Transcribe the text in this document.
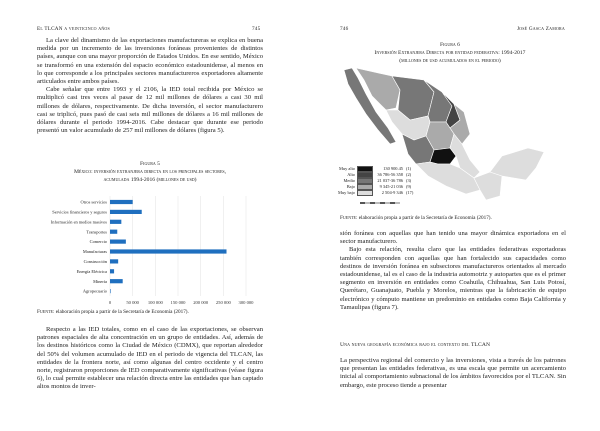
El TLCAN a veinticinco años	745

La clave del dinamismo de las exportaciones manufactureras se explica en buena medida por un incremento de las inversiones foráneas provenientes de distintos países, aunque con una mayor proporción de Estados Unidos. En ese sentido, México se transformó en una extensión del espacio económico estadounidense, al menos en lo que corresponde a los principales sectores manufactureros exportadores altamente articulados entre ambos países.

Cabe señalar que entre 1993 y el 2106, la IED total recibida por México se multiplicó casi tres veces al pasar de 12 mil millones de dólares a casi 30 mil millones de dólares, respectivamente. De dicha inversión, el sector manufacturero casi se triplicó, pues pasó de casi seis mil millones de dólares a 16 mil millones de dólares durante el periodo 1994-2016. Cabe destacar que durante ese periodo presentó un valor acumulado de 257 mil millones de dólares (figura 5).

Figura 5
México: inversión extranjera directa en los principales sectores,
acumulada 1994-2016 (millones de usd)
0	50 000 100 000 150 000 200 000 250 000 300 000
Otros servicios
Servicios financieros y seguros
Información en medios masivos
Transportes
Comercio
Manufacturas
Construcción
Energía Eléctrica
Minería
Agropecuario
Fuente: elaboración propia a partir de la Secretaría de Economía (2017).

Respecto a las IED totales, como en el caso de las exportaciones, se observan patrones espaciales de alta concentración en un grupo de entidades. Así, además de los destinos históricos como la Ciudad de México (CDMX), que reportan alrededor del 50% del volumen acumulado de IED en el periodo de vigencia del TLCAN, las entidades de la frontera norte, así como algunas del centro occidente y el centro norte, registraron proporciones de IED comparativamente significativas (véase figura 6), lo cual permite establecer una relación directa entre las entidades que han captado altos montos de inver-

746	José Gasca Zamora
Figura 6
Inversión Extranjera Directa por entidad federativa: 1994-2017
(millones de usd acumulados en el periodo)
Muy alto	130 900.45 (1)
Alto	36 786-56 358 (2)
Medio	21 037-36 786 (3)
Bajo	9 345-21 036 (9)
Muy bajo	2 504-9 346 (17)
Fuente: elaboración propia a partir de la Secretaría de Economía (2017).

sión foránea con aquellas que han tenido una mayor dinámica exportadora en el sector manufacturero.

Bajo esta relación, resulta claro que las entidades federativas exportadoras también corresponden con aquellas que han fortalecido sus capacidades como destinos de inversión foránea en subsectores manufactureros orientados al mercado estadounidense, tal es el caso de la industria automotriz y autopartes que es el primer segmento en inversión en entidades como Coahuila, Chihuahua, San Luis Potosí, Querétaro, Guanajuato, Puebla y Morelos, mientras que la fabricación de equipo electrónico y cómputo mantiene un predominio en entidades como Baja California y Tamaulipas (figura 7).

Una nueva geografía económica bajo el contexto del TLCAN

La perspectiva regional del comercio y las inversiones, vista a través de los patrones que presentan las entidades federativas, es una escala que permite un acercamiento inicial al comportamiento subnacional de los ámbitos favorecidos por el TLCAN. Sin embargo, este proceso tiende a presentar
